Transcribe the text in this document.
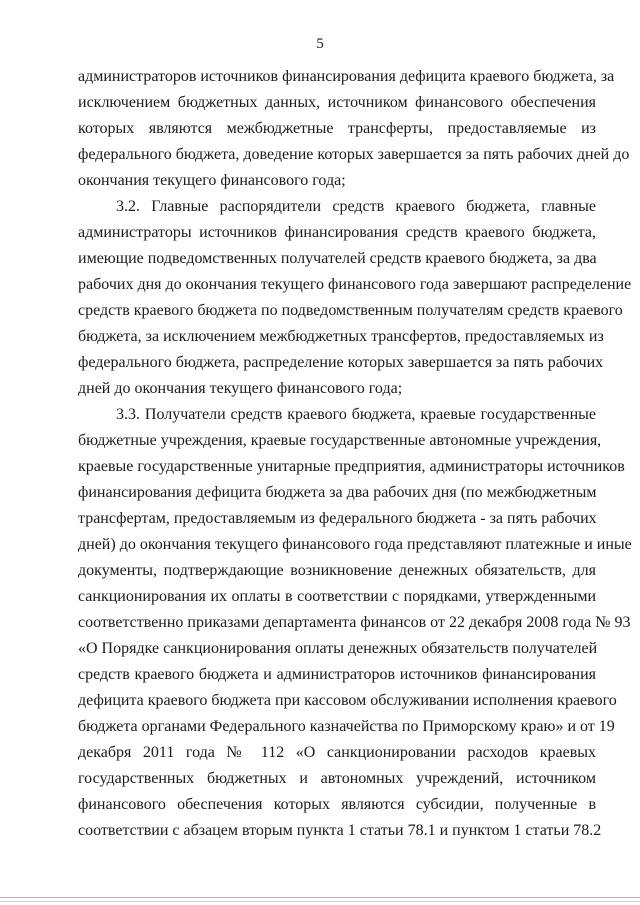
5
администраторов источников финансирования дефицита краевого бюджета, за
исключением бюджетных данных, источником финансового обеспечения
которых являются межбюджетные трансферты, предоставляемые из
федерального бюджета, доведение которых завершается за пять рабочих дней до
окончания текущего финансового года;
3.2. Главные распорядители средств краевого бюджета, главные
администраторы источников финансирования средств краевого бюджета,
имеющие подведомственных получателей средств краевого бюджета, за два
рабочих дня до окончания текущего финансового года завершают распределение
средств краевого бюджета по подведомственным получателям средств краевого
бюджета, за исключением межбюджетных трансфертов, предоставляемых из
федерального бюджета, распределение которых завершается за пять рабочих
дней до окончания текущего финансового года;
3.3. Получатели средств краевого бюджета, краевые государственные
бюджетные учреждения, краевые государственные автономные учреждения,
краевые государственные унитарные предприятия, администраторы источников
финансирования дефицита бюджета за два рабочих дня (по межбюджетным
трансфертам, предоставляемым из федерального бюджета - за пять рабочих
дней) до окончания текущего финансового года представляют платежные и иные
документы, подтверждающие возникновение денежных обязательств, для
санкционирования их оплаты в соответствии с порядками, утвержденными
соответственно приказами департамента финансов от 22 декабря 2008 года № 93
«О Порядке санкционирования оплаты денежных обязательств получателей
средств краевого бюджета и администраторов источников финансирования
дефицита краевого бюджета при кассовом обслуживании исполнения краевого
бюджета органами Федерального казначейства по Приморскому краю» и от 19
декабря 2011 года № 112 «О санкционировании расходов краевых
государственных бюджетных и автономных учреждений, источником
финансового обеспечения которых являются субсидии, полученные в
соответствии с абзацем вторым пункта 1 статьи 78.1 и пунктом 1 статьи 78.2
